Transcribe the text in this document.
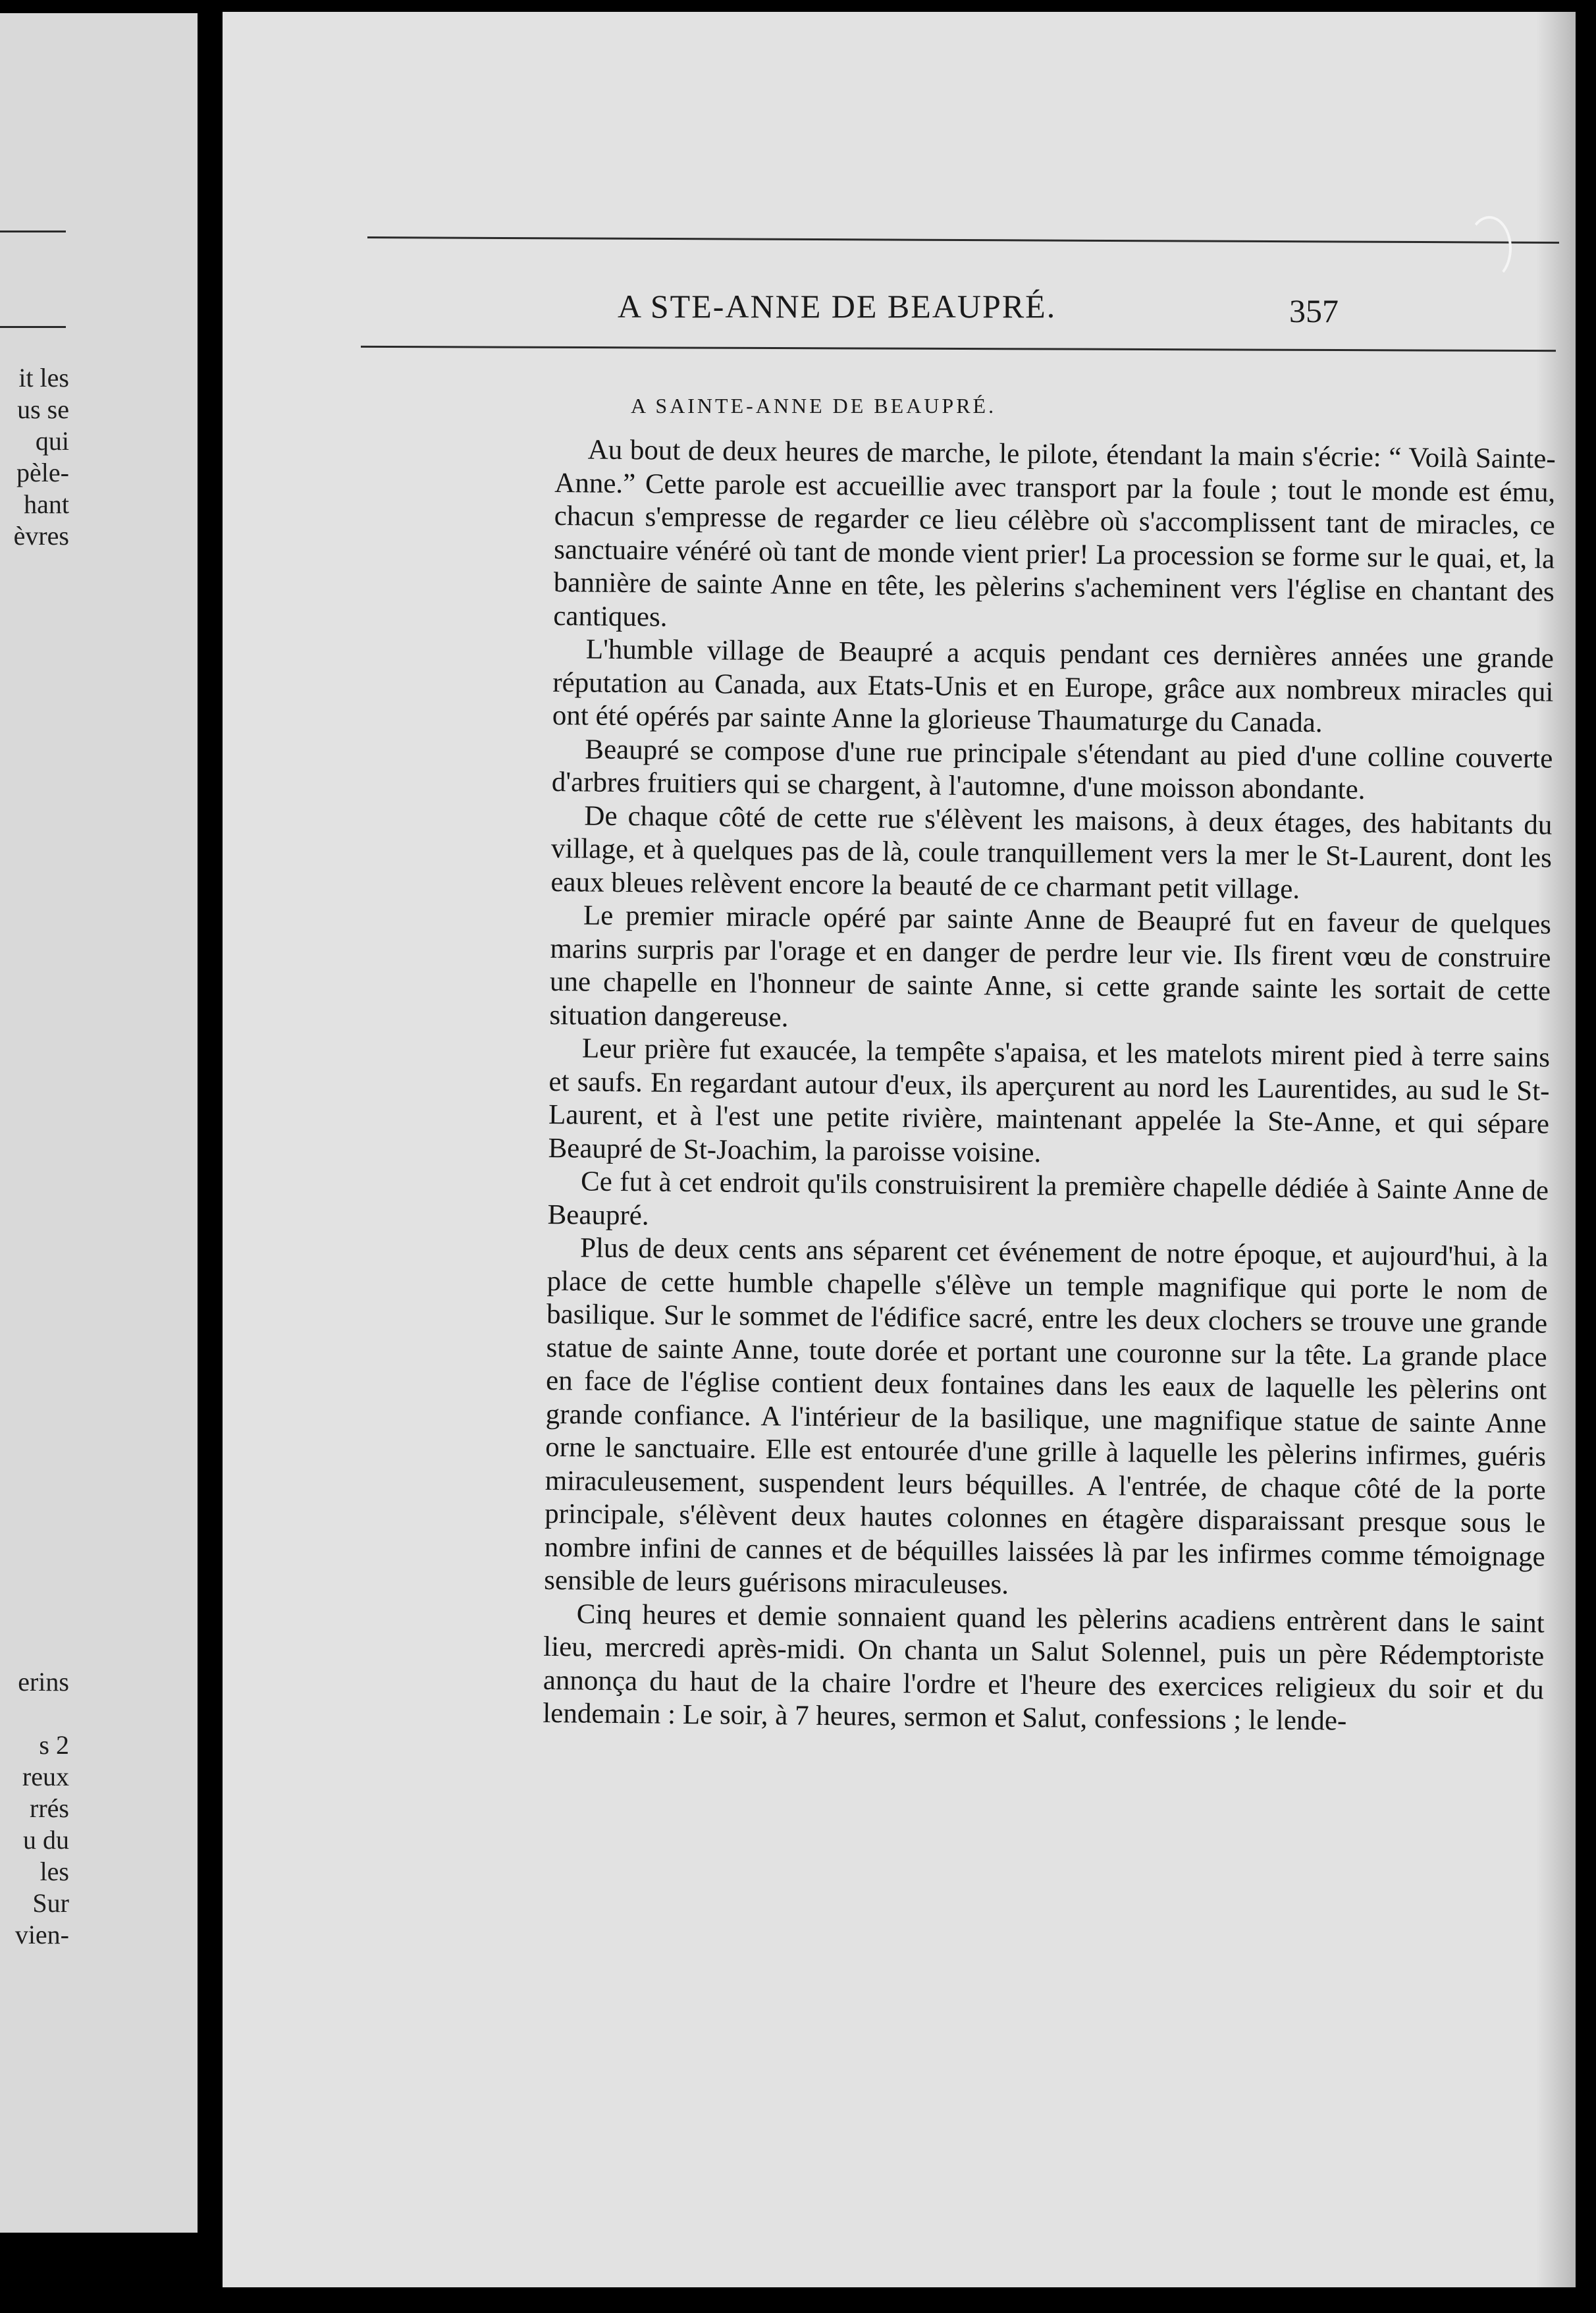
it les
us se
qui
pèle-
hant
èvres
erins
s 2
reux
rrés
u du
les
Sur
vien-
A STE-ANNE DE BEAUPRÉ.	357
A SAINTE-ANNE DE BEAUPRÉ.

Au bout de deux heures de marche, le pilote, étendant la main s'écrie: “ Voilà Sainte-Anne.” Cette parole est accueillie avec transport par la foule ; tout le monde est ému, chacun s'empresse de regarder ce lieu célèbre où s'accomplissent tant de miracles, ce sanctuaire vénéré où tant de monde vient prier! La procession se forme sur le quai, et, la bannière de sainte Anne en tête, les pèlerins s'acheminent vers l'église en chantant des cantiques.

L'humble village de Beaupré a acquis pendant ces dernières années une grande réputation au Canada, aux Etats-Unis et en Europe, grâce aux nombreux miracles qui ont été opérés par sainte Anne la glorieuse Thaumaturge du Canada.

Beaupré se compose d'une rue principale s'étendant au pied d'une colline couverte d'arbres fruitiers qui se chargent, à l'automne, d'une moisson abondante.

De chaque côté de cette rue s'élèvent les maisons, à deux étages, des habitants du village, et à quelques pas de là, coule tranquillement vers la mer le St-Laurent, dont les eaux bleues relèvent encore la beauté de ce charmant petit village.

Le premier miracle opéré par sainte Anne de Beaupré fut en faveur de quelques marins surpris par l'orage et en danger de perdre leur vie. Ils firent vœu de construire une chapelle en l'honneur de sainte Anne, si cette grande sainte les sortait de cette situation dangereuse.

Leur prière fut exaucée, la tempête s'apaisa, et les matelots mirent pied à terre sains et saufs. En regardant autour d'eux, ils aperçurent au nord les Laurentides, au sud le St-Laurent, et à l'est une petite rivière, maintenant appelée la Ste-Anne, et qui sépare Beaupré de St-Joachim, la paroisse voisine.

Ce fut à cet endroit qu'ils construisirent la première chapelle dédiée à Sainte Anne de Beaupré.

Plus de deux cents ans séparent cet événement de notre époque, et aujourd'hui, à la place de cette humble chapelle s'élève un temple magnifique qui porte le nom de basilique. Sur le sommet de l'édifice sacré, entre les deux clochers se trouve une grande statue de sainte Anne, toute dorée et portant une couronne sur la tête. La grande place en face de l'église contient deux fontaines dans les eaux de laquelle les pèlerins ont grande confiance. A l'intérieur de la basilique, une magnifique statue de sainte Anne orne le sanctuaire. Elle est entourée d'une grille à laquelle les pèlerins infirmes, guéris miraculeusement, suspendent leurs béquilles. A l'entrée, de chaque côté de la porte principale, s'élèvent deux hautes colonnes en étagère disparaissant presque sous le nombre infini de cannes et de béquilles laissées là par les infirmes comme témoignage sensible de leurs guérisons miraculeuses.

Cinq heures et demie sonnaient quand les pèlerins acadiens entrèrent dans le saint lieu, mercredi après-midi. On chanta un Salut Solennel, puis un père Rédemptoriste annonça du haut de la chaire l'ordre et l'heure des exercices religieux du soir et du lendemain : Le soir, à 7 heures, sermon et Salut, confessions ; le lende-
